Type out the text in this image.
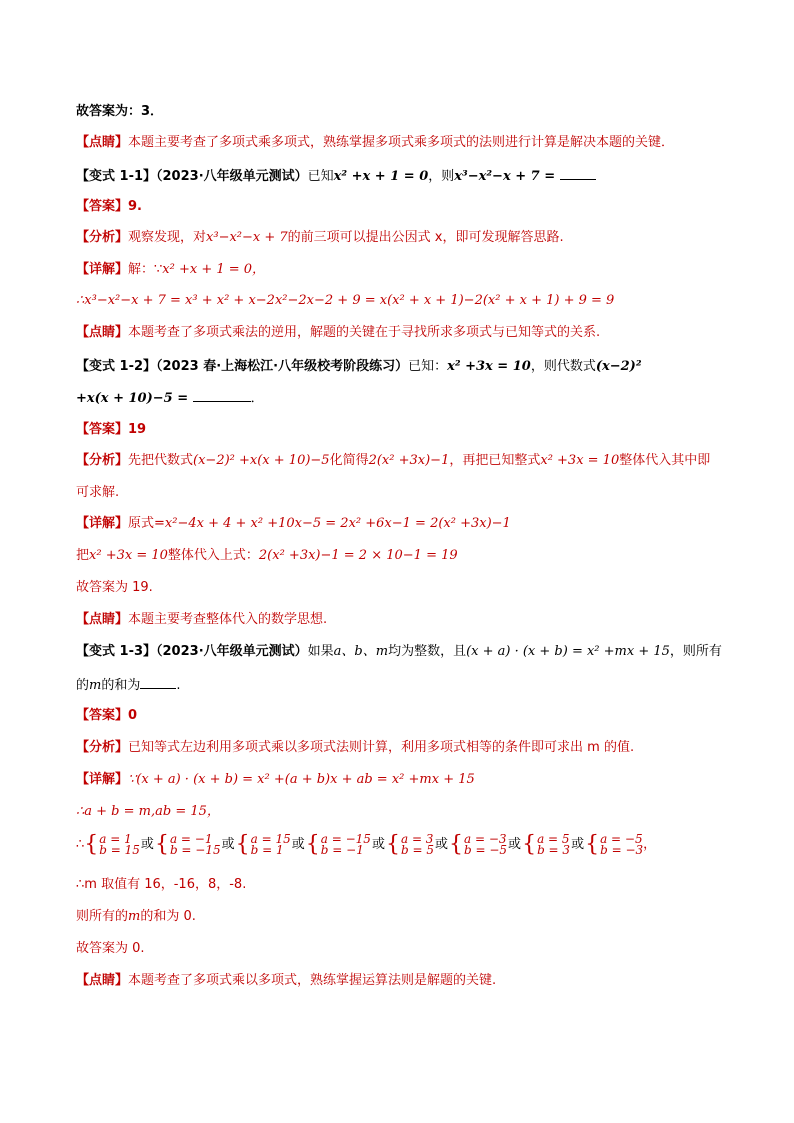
故答案为：3．
【点睛】本题主要考查了多项式乘多项式，熟练掌握多项式乘多项式的法则进行计算是解决本题的关键．
【变式 1-1】（2023·八年级单元测试）已知x² +x + 1 = 0，则x³−x²−x + 7 =
【答案】9.
【分析】观察发现，对x³−x²−x + 7的前三项可以提出公因式 x，即可发现解答思路.
【详解】解：∵x² +x + 1 = 0，
∴x³−x²−x + 7 = x³ + x² + x−2x²−2x−2 + 9 = x(x² + x + 1)−2(x² + x + 1) + 9 = 9
【点睛】本题考查了多项式乘法的逆用，解题的关键在于寻找所求多项式与已知等式的关系.
【变式 1-2】（2023 春·上海松江·八年级校考阶段练习）已知：x² +3x = 10，则代数式(x−2)²
+x(x + 10)−5 =	．
【答案】19
【分析】先把代数式(x−2)² +x(x + 10)−5化简得2(x² +3x)−1，再把已知整式x² +3x = 10整体代入其中即
可求解.
【详解】原式=x²−4x + 4 + x² +10x−5 = 2x² +6x−1 = 2(x² +3x)−1
把x² +3x = 10整体代入上式：2(x² +3x)−1 = 2 × 10−1 = 19
故答案为 19.
【点睛】本题主要考查整体代入的数学思想.
【变式 1-3】（2023·八年级单元测试）如果a、b、m均为整数，且(x + a) · (x + b) = x² +mx + 15，则所有
的m的和为	.
【答案】0
【分析】已知等式左边利用多项式乘以多项式法则计算，利用多项式相等的条件即可求出 m 的值.
【详解】∵(x + a) · (x + b) = x² +(a + b)x + ab = x² +mx + 15
∴a + b = m,ab = 15，
∴ { a = 1
b = 15 或 { a = −1
b = −15 或 { a = 15
b = 1 或 { a = −15
b = −1 或 { a = 3
b = 5 或 { a = −3
b = −5 或 { a = 5
b = 3 或 { a = −5
b = −3 ，
∴m 取值有 16，-16，8，-8.
则所有的m的和为 0.
故答案为 0.
【点睛】本题考查了多项式乘以多项式，熟练掌握运算法则是解题的关键.
